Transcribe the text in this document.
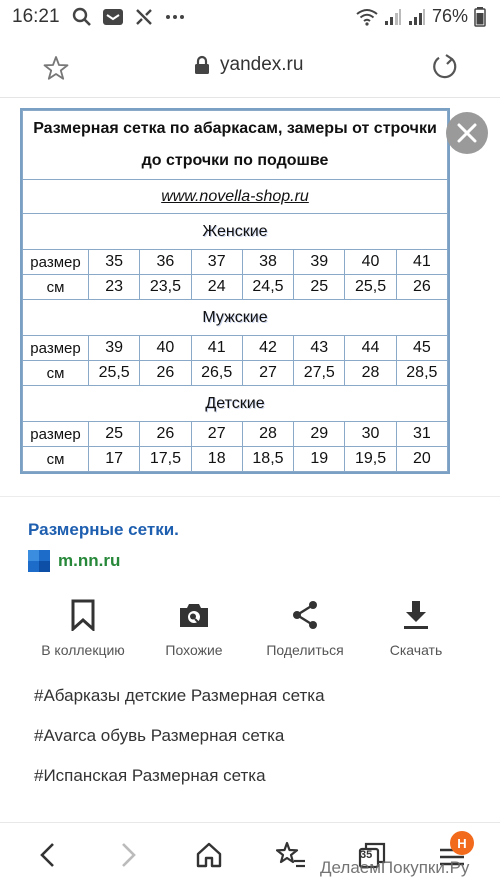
16:21	76%
yandex.ru
Размерная сетка по абаркасам, замеры от строчки до строчки по подошве							
www.novella-shop.ru							
Женские							
размер	35	36	37	38	39	40	41
см	23	23,5	24	24,5	25	25,5	26
Мужские							
размер	39	40	41	42	43	44	45
см	25,5	26	26,5	27	27,5	28	28,5
Детские							
размер	25	26	27	28	29	30	31
см	17	17,5	18	18,5	19	19,5	20
Размерные сетки.
m.nn.ru
В коллекцию	Похожие	Поделиться	Скачать
#Абарказы детские Размерная сетка
#Avarca обувь Размерная сетка
#Испанская Размерная сетка
35
Н
ДелаемПокупки.Ру
